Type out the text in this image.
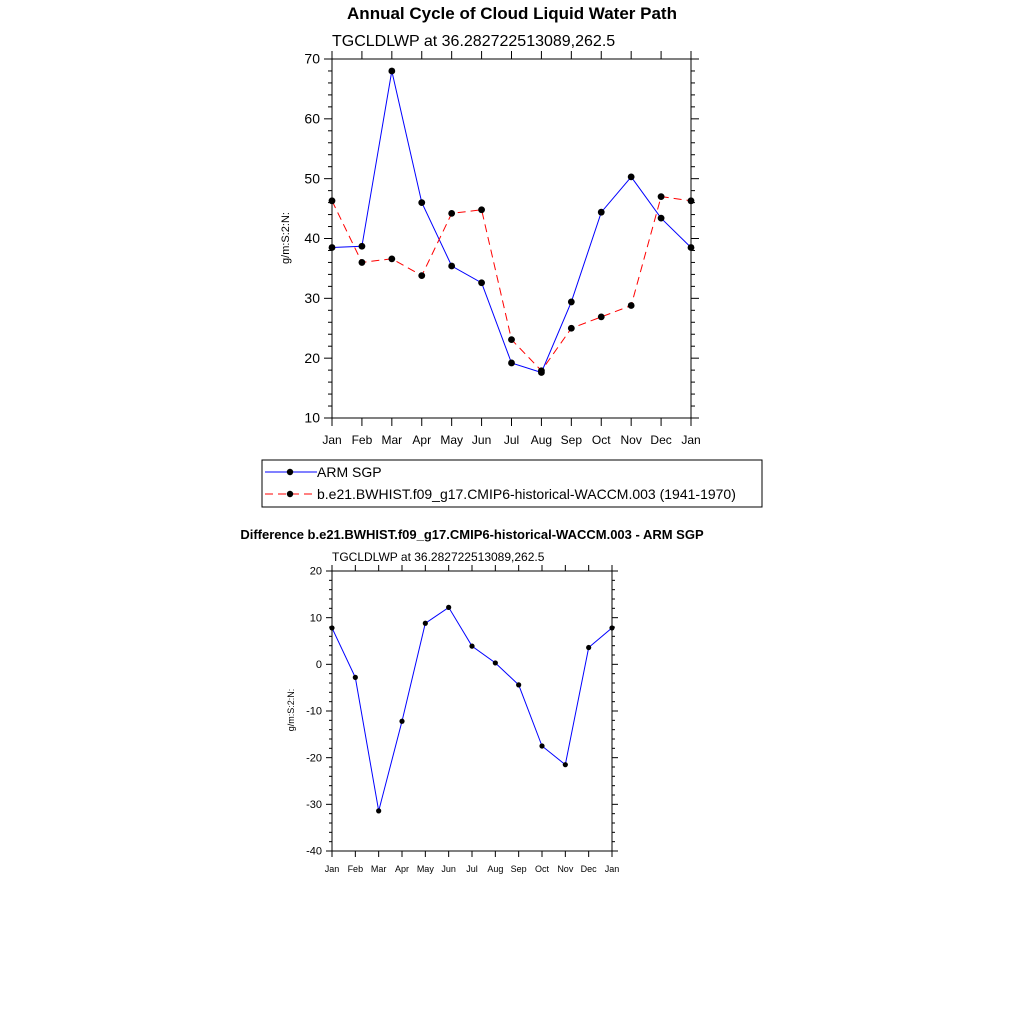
Annual Cycle of Cloud Liquid Water Path
TGCLDLWP at 36.282722513089,262.5
g/m:S:2:N:
10
20
30
40
50
60
70
Jan Feb Mar Apr May Jun Jul Aug Sep Oct Nov Dec Jan
ARM SGP
b.e21.BWHIST.f09_g17.CMIP6-historical-WACCM.003 (1941-1970)
Difference b.e21.BWHIST.f09_g17.CMIP6-historical-WACCM.003 - ARM SGP
TGCLDLWP at 36.282722513089,262.5
g/m:S:2:N:
-40
-30
-20
-10
0
10
20
Jan Feb Mar Apr May Jun Jul Aug Sep Oct Nov Dec Jan
